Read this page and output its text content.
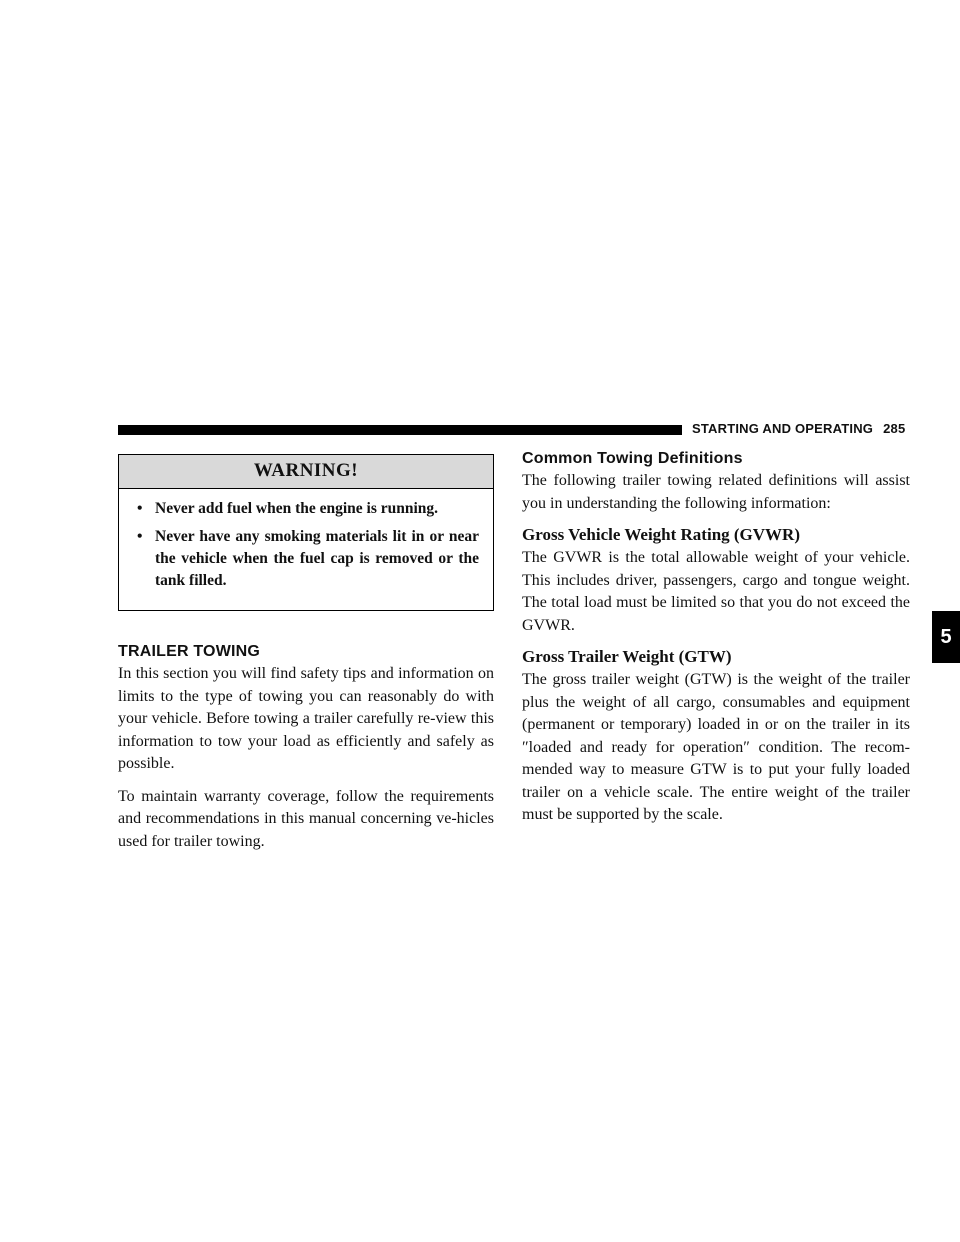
STARTING AND OPERATING 285
WARNING!
• Never add fuel when the engine is running.
• Never have any smoking materials lit in or near the vehicle when the fuel cap is removed or the tank filled.
TRAILER TOWING

In this section you will find safety tips and information on limits to the type of towing you can reasonably do with your vehicle. Before towing a trailer carefully re-view this information to tow your load as efficiently and safely as possible.

To maintain warranty coverage, follow the requirements and recommendations in this manual concerning ve-hicles used for trailer towing.

Common Towing Definitions

The following trailer towing related definitions will assist you in understanding the following information:

Gross Vehicle Weight Rating (GVWR)

The GVWR is the total allowable weight of your vehicle. This includes driver, passengers, cargo and tongue weight. The total load must be limited so that you do not exceed the GVWR.

Gross Trailer Weight (GTW)

The gross trailer weight (GTW) is the weight of the trailer plus the weight of all cargo, consumables and equipment (permanent or temporary) loaded in or on the trailer in its ″loaded and ready for operation″ condition. The recom-mended way to measure GTW is to put your fully loaded trailer on a vehicle scale. The entire weight of the trailer must be supported by the scale.

5
